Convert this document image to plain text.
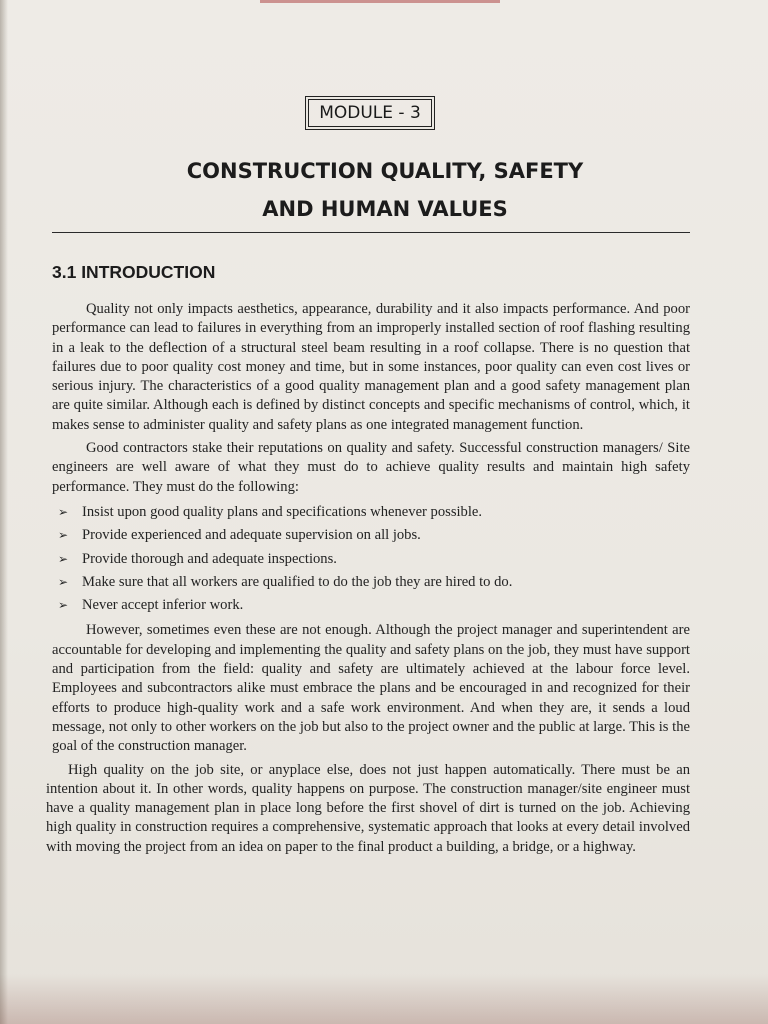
MODULE - 3
CONSTRUCTION QUALITY, SAFETY
AND HUMAN VALUES
3.1 INTRODUCTION

Quality not only impacts aesthetics, appearance, durability and it also impacts performance. And poor performance can lead to failures in everything from an improperly installed section of roof flashing resulting in a leak to the deflection of a structural steel beam resulting in a roof collapse. There is no question that failures due to poor quality cost money and time, but in some instances, poor quality can even cost lives or serious injury. The characteristics of a good quality management plan and a good safety management plan are quite similar. Although each is defined by distinct concepts and specific mechanisms of control, which, it makes sense to administer quality and safety plans as one integrated management function.

Good contractors stake their reputations on quality and safety. Successful construction managers/ Site engineers are well aware of what they must do to achieve quality results and maintain high safety performance. They must do the following:

➢ Insist upon good quality plans and specifications whenever possible.
➢ Provide experienced and adequate supervision on all jobs.
➢ Provide thorough and adequate inspections.
➢ Make sure that all workers are qualified to do the job they are hired to do.
➢ Never accept inferior work.

However, sometimes even these are not enough. Although the project manager and superintendent are accountable for developing and implementing the quality and safety plans on the job, they must have support and participation from the field: quality and safety are ultimately achieved at the labour force level. Employees and subcontractors alike must embrace the plans and be encouraged in and recognized for their efforts to produce high-quality work and a safe work environment. And when they are, it sends a loud message, not only to other workers on the job but also to the project owner and the public at large. This is the goal of the construction manager.

High quality on the job site, or anyplace else, does not just happen automatically. There must be an intention about it. In other words, quality happens on purpose. The construction manager/site engineer must have a quality management plan in place long before the first shovel of dirt is turned on the job. Achieving high quality in construction requires a comprehensive, systematic approach that looks at every detail involved with moving the project from an idea on paper to the final product a building, a bridge, or a highway.
